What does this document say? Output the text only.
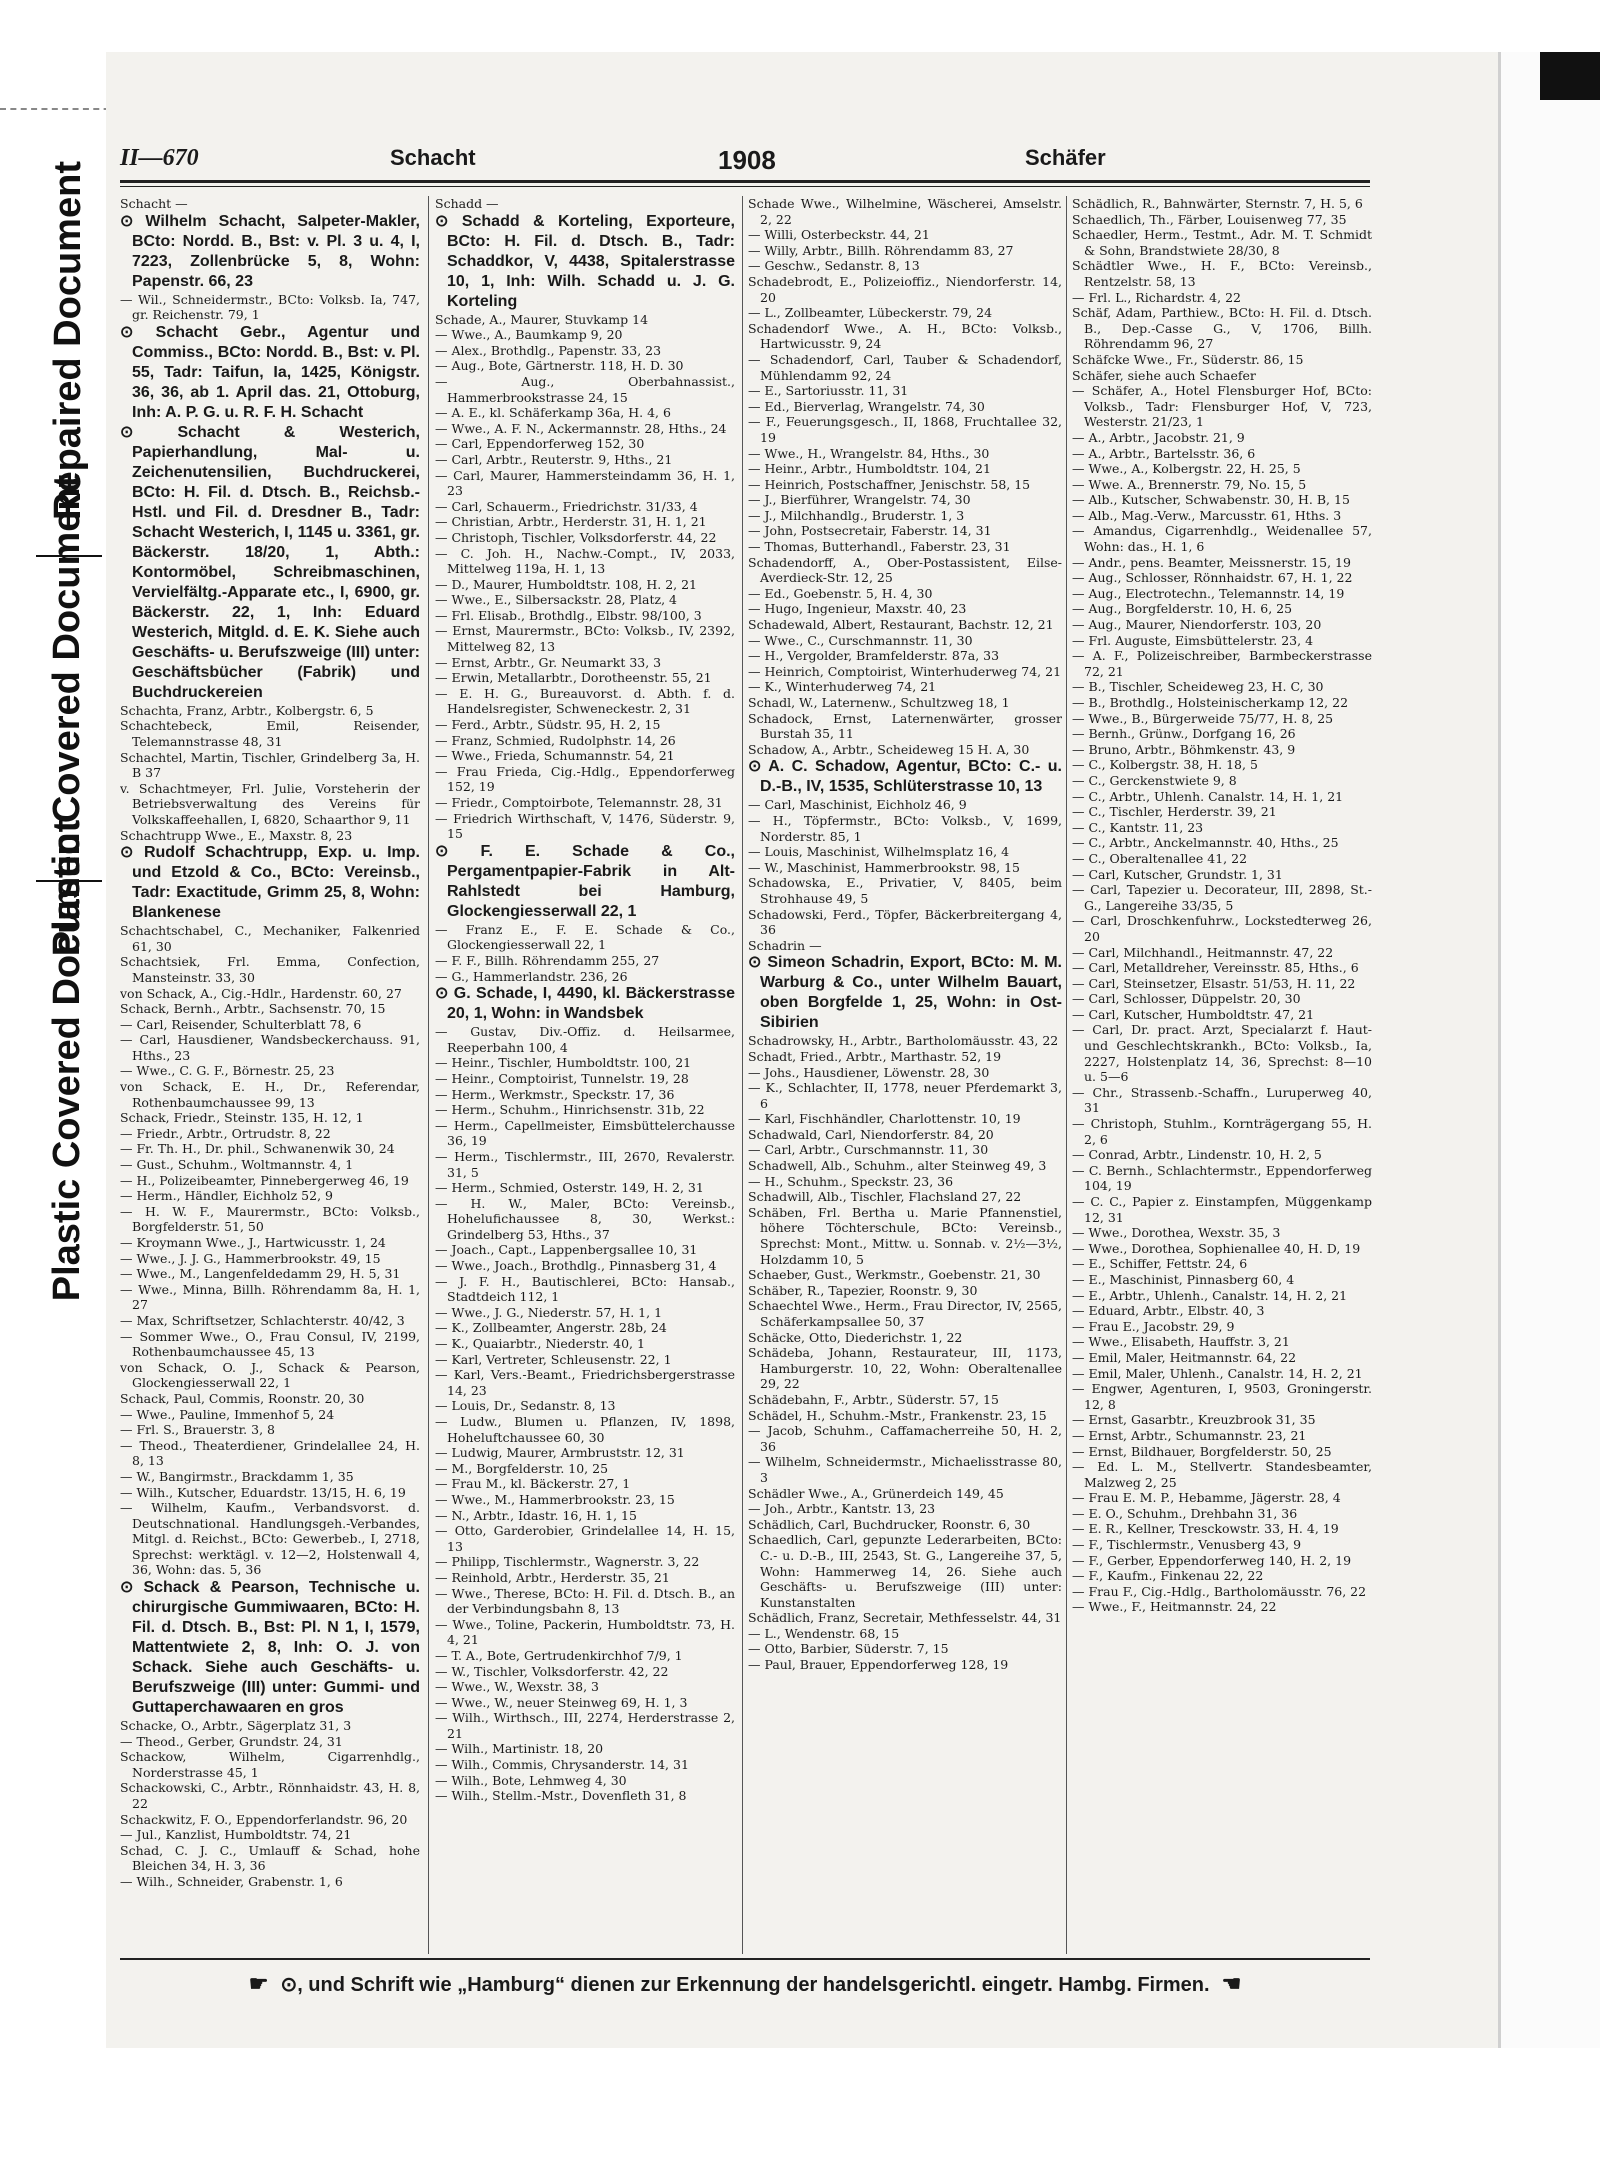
Repaired Document
Plastic Covered Document
Plastic Covered Document
II—670	Schacht	1908	Schäfer
Schacht —
⊙ Wilhelm Schacht, Salpeter-Makler, BCto: Nordd. B., Bst: v. Pl. 3 u. 4, I, 7223, Zollenbrücke 5, 8, Wohn: Papenstr. 66, 23
— Wil., Schneidermstr., BCto: Volksb. Ia, 747, gr. Reichenstr. 79, 1
⊙ Schacht Gebr., Agentur und Commiss., BCto: Nordd. B., Bst: v. Pl. 55, Tadr: Taifun, Ia, 1425, Königstr. 36, 36, ab 1. April das. 21, Ottoburg, Inh: A. P. G. u. R. F. H. Schacht
⊙ Schacht & Westerich, Papierhandlung, Mal- u. Zeichenutensilien, Buchdruckerei, BCto: H. Fil. d. Dtsch. B., Reichsb.-Hstl. und Fil. d. Dresdner B., Tadr: Schacht Westerich, I, 1145 u. 3361, gr. Bäckerstr. 18/20, 1, Abth.: Kontormöbel, Schreibmaschinen, Vervielfältg.-Apparate etc., I, 6900, gr. Bäckerstr. 22, 1, Inh: Eduard Westerich, Mitgld. d. E. K. Siehe auch Geschäfts- u. Berufszweige (III) unter: Geschäftsbücher (Fabrik) und Buchdruckereien
Schachta, Franz, Arbtr., Kolbergstr. 6, 5
Schachtebeck, Emil, Reisender, Telemannstrasse 48, 31
Schachtel, Martin, Tischler, Grindelberg 3a, H. B 37
v. Schachtmeyer, Frl. Julie, Vorsteherin der Betriebsverwaltung des Vereins für Volkskaffeehallen, I, 6820, Schaarthor 9, 11
Schachtrupp Wwe., E., Maxstr. 8, 23
⊙ Rudolf Schachtrupp, Exp. u. Imp. und Etzold & Co., BCto: Vereinsb., Tadr: Exactitude, Grimm 25, 8, Wohn: Blankenese
Schachtschabel, C., Mechaniker, Falkenried 61, 30
Schachtsiek, Frl. Emma, Confection, Mansteinstr. 33, 30
von Schack, A., Cig.-Hdlr., Hardenstr. 60, 27
Schack, Bernh., Arbtr., Sachsenstr. 70, 15
— Carl, Reisender, Schulterblatt 78, 6
— Carl, Hausdiener, Wandsbeckerchauss. 91, Hths., 23
— Wwe., C. G. F., Börnestr. 25, 23
von Schack, E. H., Dr., Referendar, Rothenbaumchaussee 99, 13
Schack, Friedr., Steinstr. 135, H. 12, 1
— Friedr., Arbtr., Ortrudstr. 8, 22
— Fr. Th. H., Dr. phil., Schwanenwik 30, 24
— Gust., Schuhm., Woltmannstr. 4, 1
— H., Polizeibeamter, Pinnebergerweg 46, 19
— Herm., Händler, Eichholz 52, 9
— H. W. F., Maurermstr., BCto: Volksb., Borgfelderstr. 51, 50
— Kroymann Wwe., J., Hartwicusstr. 1, 24
— Wwe., J. J. G., Hammerbrookstr. 49, 15
— Wwe., M., Langenfeldedamm 29, H. 5, 31
— Wwe., Minna, Billh. Röhrendamm 8a, H. 1, 27
— Max, Schriftsetzer, Schlachterstr. 40/42, 3
— Sommer Wwe., O., Frau Consul, IV, 2199, Rothenbaumchaussee 45, 13
von Schack, O. J., Schack & Pearson, Glockengiesserwall 22, 1
Schack, Paul, Commis, Roonstr. 20, 30
— Wwe., Pauline, Immenhof 5, 24
— Frl. S., Brauerstr. 3, 8
— Theod., Theaterdiener, Grindelallee 24, H. 8, 13
— W., Bangirmstr., Brackdamm 1, 35
— Wilh., Kutscher, Eduardstr. 13/15, H. 6, 19
— Wilhelm, Kaufm., Verbandsvorst. d. Deutschnational. Handlungsgeh.-Verbandes, Mitgl. d. Reichst., BCto: Gewerbeb., I, 2718, Sprechst: werktägl. v. 12—2, Holstenwall 4, 36, Wohn: das. 5, 36
⊙ Schack & Pearson, Technische u. chirurgische Gummiwaaren, BCto: H. Fil. d. Dtsch. B., Bst: Pl. N 1, I, 1579, Mattentwiete 2, 8, Inh: O. J. von Schack. Siehe auch Geschäfts- u. Berufszweige (III) unter: Gummi- und Guttaperchawaaren en gros
Schacke, O., Arbtr., Sägerplatz 31, 3
— Theod., Gerber, Grundstr. 24, 31
Schackow, Wilhelm, Cigarrenhdlg., Norderstrasse 45, 1
Schackowski, C., Arbtr., Rönnhaidstr. 43, H. 8, 22
Schackwitz, F. O., Eppendorferlandstr. 96, 20
— Jul., Kanzlist, Humboldtstr. 74, 21
Schad, C. J. C., Umlauff & Schad, hohe Bleichen 34, H. 3, 36
— Wilh., Schneider, Grabenstr. 1, 6
Schadd —
⊙ Schadd & Korteling, Exporteure, BCto: H. Fil. d. Dtsch. B., Tadr: Schaddkor, V, 4438, Spitalerstrasse 10, 1, Inh: Wilh. Schadd u. J. G. Korteling
Schade, A., Maurer, Stuvkamp 14
— Wwe., A., Baumkamp 9, 20
— Alex., Brothdlg., Papenstr. 33, 23
— Aug., Bote, Gärtnerstr. 118, H. D. 30
— Aug., Oberbahnassist., Hammerbrookstrasse 24, 15
— A. E., kl. Schäferkamp 36a, H. 4, 6
— Wwe., A. F. N., Ackermannstr. 28, Hths., 24
— Carl, Eppendorferweg 152, 30
— Carl, Arbtr., Reuterstr. 9, Hths., 21
— Carl, Maurer, Hammersteindamm 36, H. 1, 23
— Carl, Schauerm., Friedrichstr. 31/33, 4
— Christian, Arbtr., Herderstr. 31, H. 1, 21
— Christoph, Tischler, Volksdorferstr. 44, 22
— C. Joh. H., Nachw.-Compt., IV, 2033, Mittelweg 119a, H. 1, 13
— D., Maurer, Humboldtstr. 108, H. 2, 21
— Wwe., E., Silbersackstr. 28, Platz, 4
— Frl. Elisab., Brothdlg., Elbstr. 98/100, 3
— Ernst, Maurermstr., BCto: Volksb., IV, 2392, Mittelweg 82, 13
— Ernst, Arbtr., Gr. Neumarkt 33, 3
— Erwin, Metallarbtr., Dorotheenstr. 55, 21
— E. H. G., Bureauvorst. d. Abth. f. d. Handelsregister, Schweneckestr. 2, 31
— Ferd., Arbtr., Südstr. 95, H. 2, 15
— Franz, Schmied, Rudolphstr. 14, 26
— Wwe., Frieda, Schumannstr. 54, 21
— Frau Frieda, Cig.-Hdlg., Eppendorferweg 152, 19
— Friedr., Comptoirbote, Telemannstr. 28, 31
— Friedrich Wirthschaft, V, 1476, Süderstr. 9, 15
⊙ F. E. Schade & Co., Pergamentpapier-Fabrik in Alt-Rahlstedt bei Hamburg, Glockengiesserwall 22, 1
— Franz E., F. E. Schade & Co., Glockengiesserwall 22, 1
— F. F., Billh. Röhrendamm 255, 27
— G., Hammerlandstr. 236, 26
⊙ G. Schade, I, 4490, kl. Bäckerstrasse 20, 1, Wohn: in Wandsbek
— Gustav, Div.-Offiz. d. Heilsarmee, Reeperbahn 100, 4
— Heinr., Tischler, Humboldtstr. 100, 21
— Heinr., Comptoirist, Tunnelstr. 19, 28
— Herm., Werkmstr., Speckstr. 17, 36
— Herm., Schuhm., Hinrichsenstr. 31b, 22
— Herm., Capellmeister, Eimsbüttelerchausse 36, 19
— Herm., Tischlermstr., III, 2670, Revalerstr. 31, 5
— Herm., Schmied, Osterstr. 149, H. 2, 31
— H. W., Maler, BCto: Vereinsb., Hohelufichaussee 8, 30, Werkst.: Grindelberg 53, Hths., 37
— Joach., Capt., Lappenbergsallee 10, 31
— Wwe., Joach., Brothdlg., Pinnasberg 31, 4
— J. F. H., Bautischlerei, BCto: Hansab., Stadtdeich 112, 1
— Wwe., J. G., Niederstr. 57, H. 1, 1
— K., Zollbeamter, Angerstr. 28b, 24
— K., Quaiarbtr., Niederstr. 40, 1
— Karl, Vertreter, Schleusenstr. 22, 1
— Karl, Vers.-Beamt., Friedrichsbergerstrasse 14, 23
— Louis, Dr., Sedanstr. 8, 13
— Ludw., Blumen u. Pflanzen, IV, 1898, Hoheluftchaussee 60, 30
— Ludwig, Maurer, Armbruststr. 12, 31
— M., Borgfelderstr. 10, 25
— Frau M., kl. Bäckerstr. 27, 1
— Wwe., M., Hammerbrookstr. 23, 15
— N., Arbtr., Idastr. 16, H. 1, 15
— Otto, Garderobier, Grindelallee 14, H. 15, 13
— Philipp, Tischlermstr., Wagnerstr. 3, 22
— Reinhold, Arbtr., Herderstr. 35, 21
— Wwe., Therese, BCto: H. Fil. d. Dtsch. B., an der Verbindungsbahn 8, 13
— Wwe., Toline, Packerin, Humboldtstr. 73, H. 4, 21
— T. A., Bote, Gertrudenkirchhof 7/9, 1
— W., Tischler, Volksdorferstr. 42, 22
— Wwe., W., Wexstr. 38, 3
— Wwe., W., neuer Steinweg 69, H. 1, 3
— Wilh., Wirthsch., III, 2274, Herderstrasse 2, 21
— Wilh., Martinistr. 18, 20
— Wilh., Commis, Chrysanderstr. 14, 31
— Wilh., Bote, Lehmweg 4, 30
— Wilh., Stellm.-Mstr., Dovenfleth 31, 8
Schade Wwe., Wilhelmine, Wäscherei, Amselstr. 2, 22
— Willi, Osterbeckstr. 44, 21
— Willy, Arbtr., Billh. Röhrendamm 83, 27
— Geschw., Sedanstr. 8, 13
Schadebrodt, E., Polizeioffiz., Niendorferstr. 14, 20
— L., Zollbeamter, Lübeckerstr. 79, 24
Schadendorf Wwe., A. H., BCto: Volksb., Hartwicusstr. 9, 24
— Schadendorf, Carl, Tauber & Schadendorf, Mühlendamm 92, 24
— E., Sartoriusstr. 11, 31
— Ed., Bierverlag, Wrangelstr. 74, 30
— F., Feuerungsgesch., II, 1868, Fruchtallee 32, 19
— Wwe., H., Wrangelstr. 84, Hths., 30
— Heinr., Arbtr., Humboldtstr. 104, 21
— Heinrich, Postschaffner, Jenischstr. 58, 15
— J., Bierführer, Wrangelstr. 74, 30
— J., Milchhandlg., Bruderstr. 1, 3
— John, Postsecretair, Faberstr. 14, 31
— Thomas, Butterhandl., Faberstr. 23, 31
Schadendorff, A., Ober-Postassistent, Eilse-Averdieck-Str. 12, 25
— Ed., Goebenstr. 5, H. 4, 30
— Hugo, Ingenieur, Maxstr. 40, 23
Schadewald, Albert, Restaurant, Bachstr. 12, 21
— Wwe., C., Curschmannstr. 11, 30
— H., Vergolder, Bramfelderstr. 87a, 33
— Heinrich, Comptoirist, Winterhuderweg 74, 21
— K., Winterhuderweg 74, 21
Schadl, W., Laternenw., Schultzweg 18, 1
Schadock, Ernst, Laternenwärter, grosser Burstah 35, 11
Schadow, A., Arbtr., Scheideweg 15 H. A, 30
⊙ A. C. Schadow, Agentur, BCto: C.- u. D.-B., IV, 1535, Schlüterstrasse 10, 13
— Carl, Maschinist, Eichholz 46, 9
— H., Töpfermstr., BCto: Volksb., V, 1699, Norderstr. 85, 1
— Louis, Maschinist, Wilhelmsplatz 16, 4
— W., Maschinist, Hammerbrookstr. 98, 15
Schadowska, E., Privatier, V, 8405, beim Strohhause 49, 5
Schadowski, Ferd., Töpfer, Bäckerbreitergang 4, 36
Schadrin —
⊙ Simeon Schadrin, Export, BCto: M. M. Warburg & Co., unter Wilhelm Bauart, oben Borgfelde 1, 25, Wohn: in Ost-Sibirien
Schadrowsky, H., Arbtr., Bartholomäusstr. 43, 22
Schadt, Fried., Arbtr., Marthastr. 52, 19
— Johs., Hausdiener, Löwenstr. 28, 30
— K., Schlachter, II, 1778, neuer Pferdemarkt 3, 6
— Karl, Fischhändler, Charlottenstr. 10, 19
Schadwald, Carl, Niendorferstr. 84, 20
— Carl, Arbtr., Curschmannstr. 11, 30
Schadwell, Alb., Schuhm., alter Steinweg 49, 3
— H., Schuhm., Speckstr. 23, 36
Schadwill, Alb., Tischler, Flachsland 27, 22
Schäben, Frl. Bertha u. Marie Pfannenstiel, höhere Töchterschule, BCto: Vereinsb., Sprechst: Mont., Mittw. u. Sonnab. v. 2½—3½, Holzdamm 10, 5
Schaeber, Gust., Werkmstr., Goebenstr. 21, 30
Schäber, R., Tapezier, Roonstr. 9, 30
Schaechtel Wwe., Herm., Frau Director, IV, 2565, Schäferkampsallee 50, 37
Schäcke, Otto, Diederichstr. 1, 22
Schädeba, Johann, Restaurateur, III, 1173, Hamburgerstr. 10, 22, Wohn: Oberaltenallee 29, 22
Schädebahn, F., Arbtr., Süderstr. 57, 15
Schädel, H., Schuhm.-Mstr., Frankenstr. 23, 15
— Jacob, Schuhm., Caffamacherreihe 50, H. 2, 36
— Wilhelm, Schneidermstr., Michaelisstrasse 80, 3
Schädler Wwe., A., Grünerdeich 149, 45
— Joh., Arbtr., Kantstr. 13, 23
Schädlich, Carl, Buchdrucker, Roonstr. 6, 30
Schaedlich, Carl, gepunzte Lederarbeiten, BCto: C.- u. D.-B., III, 2543, St. G., Langereihe 37, 5, Wohn: Hammerweg 14, 26. Siehe auch Geschäfts- u. Berufszweige (III) unter: Kunstanstalten
Schädlich, Franz, Secretair, Methfesselstr. 44, 31
— L., Wendenstr. 68, 15
— Otto, Barbier, Süderstr. 7, 15
— Paul, Brauer, Eppendorferweg 128, 19
Schädlich, R., Bahnwärter, Sternstr. 7, H. 5, 6
Schaedlich, Th., Färber, Louisenweg 77, 35
Schaedler, Herm., Testmt., Adr. M. T. Schmidt & Sohn, Brandstwiete 28/30, 8
Schädtler Wwe., H. F., BCto: Vereinsb., Rentzelstr. 58, 13
— Frl. L., Richardstr. 4, 22
Schäf, Adam, Parthiew., BCto: H. Fil. d. Dtsch. B., Dep.-Casse G., V, 1706, Billh. Röhrendamm 96, 27
Schäfcke Wwe., Fr., Süderstr. 86, 15
Schäfer, siehe auch Schaefer
— Schäfer, A., Hotel Flensburger Hof, BCto: Volksb., Tadr: Flensburger Hof, V, 723, Westerstr. 21/23, 1
— A., Arbtr., Jacobstr. 21, 9
— A., Arbtr., Bartelsstr. 36, 6
— Wwe., A., Kolbergstr. 22, H. 25, 5
— Wwe. A., Brennerstr. 79, No. 15, 5
— Alb., Kutscher, Schwabenstr. 30, H. B, 15
— Alb., Mag.-Verw., Marcusstr. 61, Hths. 3
— Amandus, Cigarrenhdlg., Weidenallee 57, Wohn: das., H. 1, 6
— Andr., pens. Beamter, Meissnerstr. 15, 19
— Aug., Schlosser, Rönnhaidstr. 67, H. 1, 22
— Aug., Electrotechn., Telemannstr. 14, 19
— Aug., Borgfelderstr. 10, H. 6, 25
— Aug., Maurer, Niendorferstr. 103, 20
— Frl. Auguste, Eimsbüttelerstr. 23, 4
— A. F., Polizeischreiber, Barmbeckerstrasse 72, 21
— B., Tischler, Scheideweg 23, H. C, 30
— B., Brothdlg., Holsteinischerkamp 12, 22
— Wwe., B., Bürgerweide 75/77, H. 8, 25
— Bernh., Grünw., Dorfgang 16, 26
— Bruno, Arbtr., Böhmkenstr. 43, 9
— C., Kolbergstr. 38, H. 18, 5
— C., Gerckenstwiete 9, 8
— C., Arbtr., Uhlenh. Canalstr. 14, H. 1, 21
— C., Tischler, Herderstr. 39, 21
— C., Kantstr. 11, 23
— C., Arbtr., Anckelmannstr. 40, Hths., 25
— C., Oberaltenallee 41, 22
— Carl, Kutscher, Grundstr. 1, 31
— Carl, Tapezier u. Decorateur, III, 2898, St.-G., Langereihe 33/35, 5
— Carl, Droschkenfuhrw., Lockstedterweg 26, 20
— Carl, Milchhandl., Heitmannstr. 47, 22
— Carl, Metalldreher, Vereinsstr. 85, Hths., 6
— Carl, Steinsetzer, Elsastr. 51/53, H. 11, 22
— Carl, Schlosser, Düppelstr. 20, 30
— Carl, Kutscher, Humboldtstr. 47, 21
— Carl, Dr. pract. Arzt, Specialarzt f. Haut- und Geschlechtskrankh., BCto: Volksb., Ia, 2227, Holstenplatz 14, 36, Sprechst: 8—10 u. 5—6
— Chr., Strassenb.-Schaffn., Luruperweg 40, 31
— Christoph, Stuhlm., Kornträgergang 55, H. 2, 6
— Conrad, Arbtr., Lindenstr. 10, H. 2, 5
— C. Bernh., Schlachtermstr., Eppendorferweg 104, 19
— C. C., Papier z. Einstampfen, Müggenkamp 12, 31
— Wwe., Dorothea, Wexstr. 35, 3
— Wwe., Dorothea, Sophienallee 40, H. D, 19
— E., Schiffer, Fettstr. 24, 6
— E., Maschinist, Pinnasberg 60, 4
— E., Arbtr., Uhlenh., Canalstr. 14, H. 2, 21
— Eduard, Arbtr., Elbstr. 40, 3
— Frau E., Jacobstr. 29, 9
— Wwe., Elisabeth, Hauffstr. 3, 21
— Emil, Maler, Heitmannstr. 64, 22
— Emil, Maler, Uhlenh., Canalstr. 14, H. 2, 21
— Engwer, Agenturen, I, 9503, Groningerstr. 12, 8
— Ernst, Gasarbtr., Kreuzbrook 31, 35
— Ernst, Arbtr., Schumannstr. 23, 21
— Ernst, Bildhauer, Borgfelderstr. 50, 25
— Ed. L. M., Stellvertr. Standesbeamter, Malzweg 2, 25
— Frau E. M. P., Hebamme, Jägerstr. 28, 4
— E. O., Schuhm., Drehbahn 31, 36
— E. R., Kellner, Tresckowstr. 33, H. 4, 19
— F., Tischlermstr., Venusberg 43, 9
— F., Gerber, Eppendorferweg 140, H. 2, 19
— F., Kaufm., Finkenau 22, 22
— Frau F., Cig.-Hdlg., Bartholomäusstr. 76, 22
— Wwe., F., Heitmannstr. 24, 22
☛ ⊙, und Schrift wie „Hamburg“ dienen zur Erkennung der handelsgerichtl. eingetr. Hambg. Firmen. ☚
